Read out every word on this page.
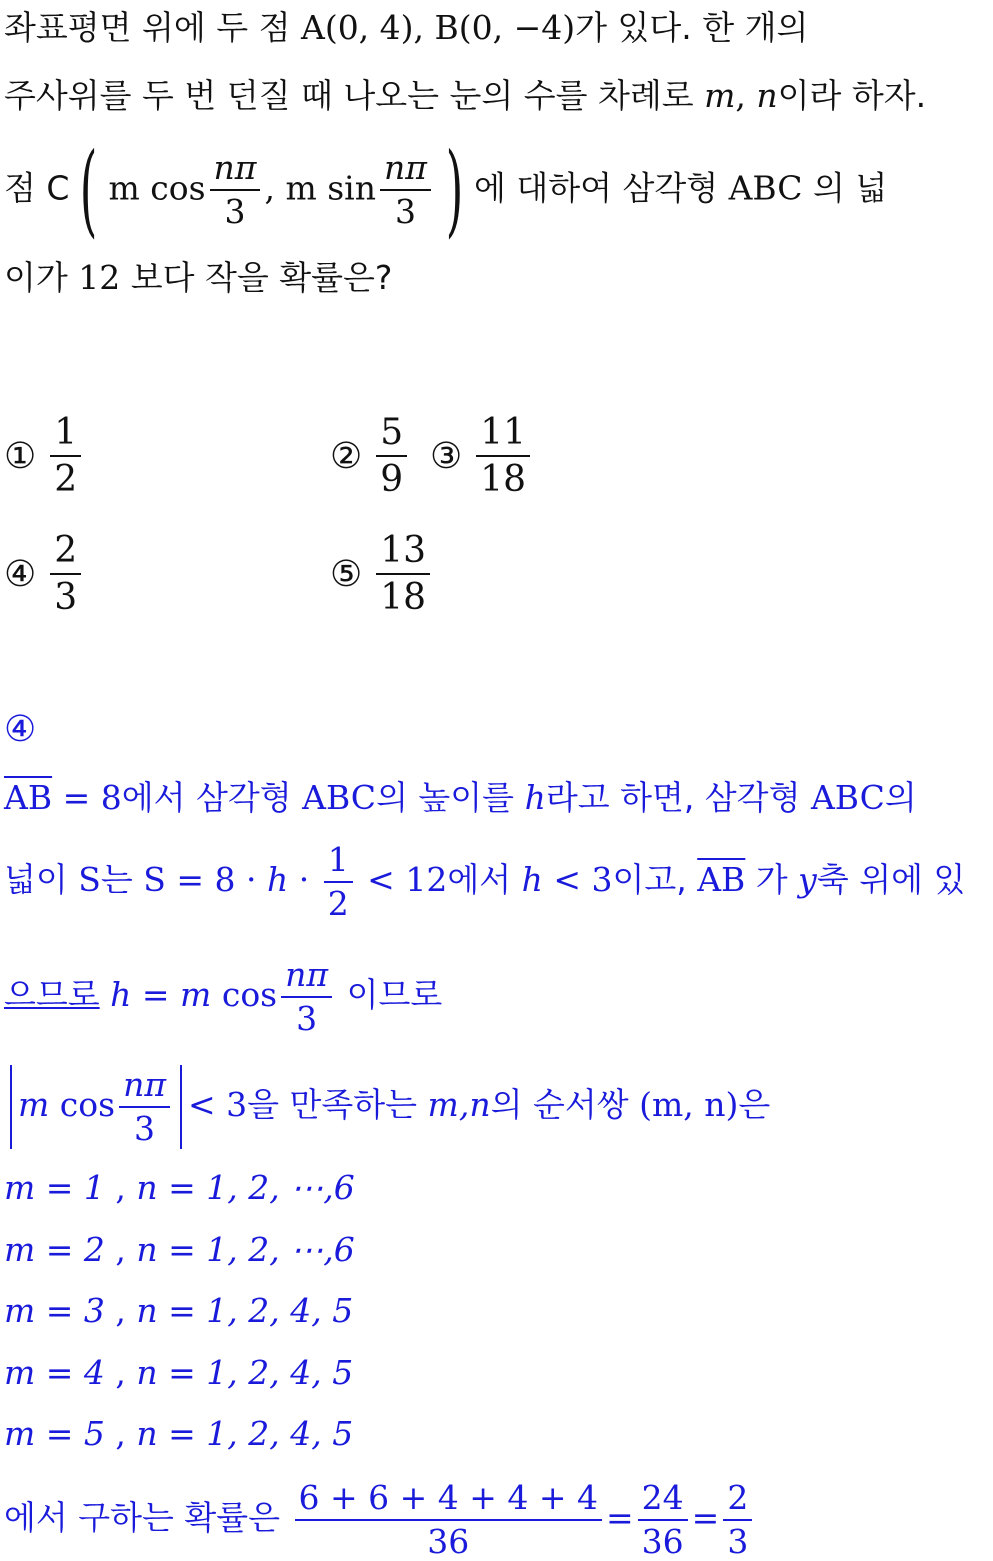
좌표평면 위에 두 점 A(0, 4), B(0, −4)가 있다. 한 개의
주사위를 두 번 던질 때 나오는 눈의 수를 차례로 m, n이라 하자.
점 C ( m $\cos \frac{n\pi}{3}$ , m $\sin \frac{n\pi}{3}$ ) 에 대하여 삼각형 ABC 의 넓
이가 12 보다 작을 확률은?
① $\frac{1}{2}$	② $\frac{5}{9}$ ③ $\frac{11}{18}$
④ $\frac{2}{3}$	⑤ $\frac{13}{18}$
④
$\overline{AB} = 8$에서 삼각형 ABC의 높이를 h라고 하면, 삼각형 ABC의
넓이 S는 $S = 8 \cdot h \cdot \frac{1}{2} < 12$에서 h < 3이고, $\overline{AB}$ 가 y축 위에 있
으므로 h = m $\cos \frac{n\pi}{3}$ 이므로
m $\cos \frac{n\pi}{3} < 3$을 만족하는 m,n의 순서쌍 (m, n)은
m = 1 , n = 1, 2, ⋯,6
m = 2 , n = 1, 2, ⋯,6
m = 3 , n = 1, 2, 4, 5
m = 4 , n = 1, 2, 4, 5
m = 5 , n = 1, 2, 4, 5
에서 구하는 확률은 $\frac{6 + 6 + 4 + 4 + 4}{36} = \frac{24}{36} = \frac{2}{3}$
